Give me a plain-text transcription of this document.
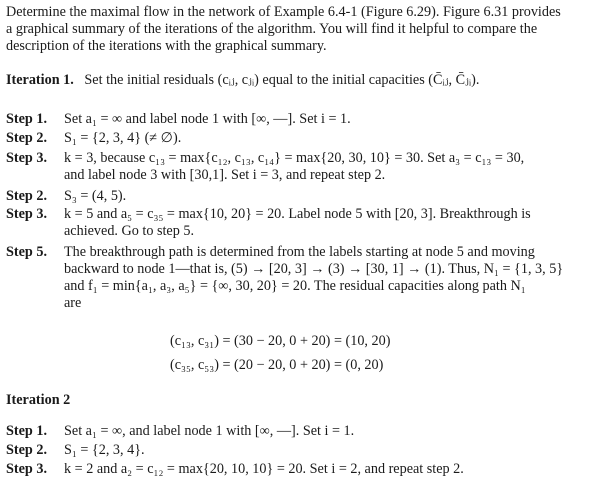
Determine the maximal flow in the network of Example 6.4-1 (Figure 6.29). Figure 6.31 provides
a graphical summary of the iterations of the algorithm. You will find it helpful to compare the
description of the iterations with the graphical summary.
Iteration 1. Set the initial residuals (cᵢⱼ, cⱼᵢ) equal to the initial capacities (C̄ᵢⱼ, C̄ⱼᵢ).
Step 1.	Set a₁ = ∞ and label node 1 with [∞, —]. Set i = 1.
Step 2.	S₁ = {2, 3, 4} (≠ ∅).
Step 3.	k = 3, because c₁₃ = max{c₁₂, c₁₃, c₁₄} = max{20, 30, 10} = 30. Set a₃ = c₁₃ = 30,
and label node 3 with [30,1]. Set i = 3, and repeat step 2.
Step 2.	S₃ = (4, 5).
Step 3.	k = 5 and a₅ = c₃₅ = max{10, 20} = 20. Label node 5 with [20, 3]. Breakthrough is
achieved. Go to step 5.
Step 5.	The breakthrough path is determined from the labels starting at node 5 and moving
backward to node 1—that is, (5) → [20, 3] → (3) → [30, 1] → (1). Thus, N₁ = {1, 3, 5}
and f₁ = min{a₁, a₃, a₅} = {∞, 30, 20} = 20. The residual capacities along path N₁
are
(c₁₃, c₃₁) = (30 − 20, 0 + 20) = (10, 20)
(c₃₅, c₅₃) = (20 − 20, 0 + 20) = (0, 20)
Iteration 2
Step 1.	Set a₁ = ∞, and label node 1 with [∞, —]. Set i = 1.
Step 2.	S₁ = {2, 3, 4}.
Step 3.	k = 2 and a₂ = c₁₂ = max{20, 10, 10} = 20. Set i = 2, and repeat step 2.
